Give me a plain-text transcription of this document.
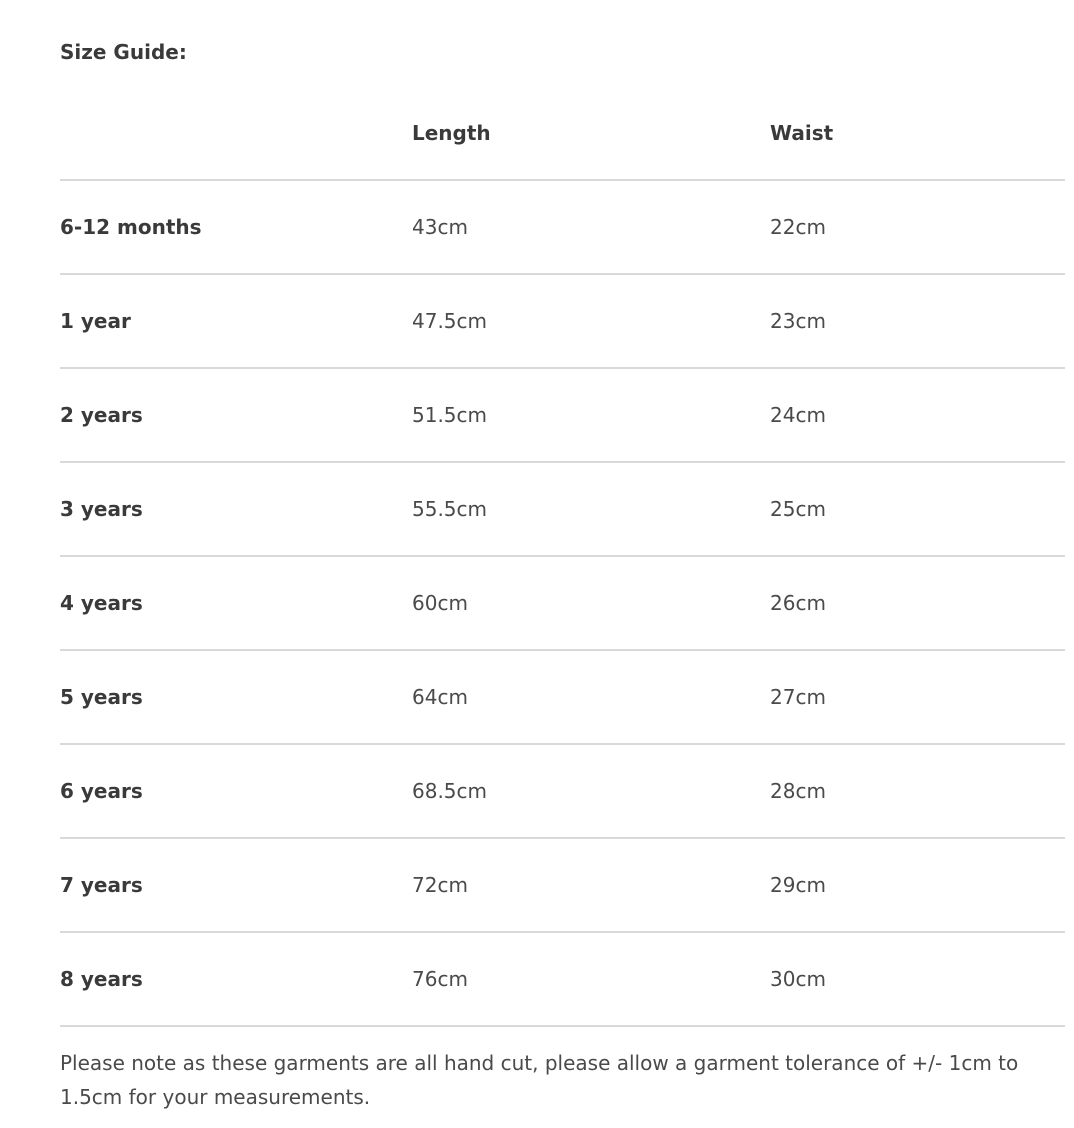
Size Guide:
	Length	Waist
6-12 months	43cm	22cm
1 year	47.5cm	23cm
2 years	51.5cm	24cm
3 years	55.5cm	25cm
4 years	60cm	26cm
5 years	64cm	27cm
6 years	68.5cm	28cm
7 years	72cm	29cm
8 years	76cm	30cm
Please note as these garments are all hand cut, please allow a garment tolerance of +/- 1cm to 1.5cm for your measurements.
